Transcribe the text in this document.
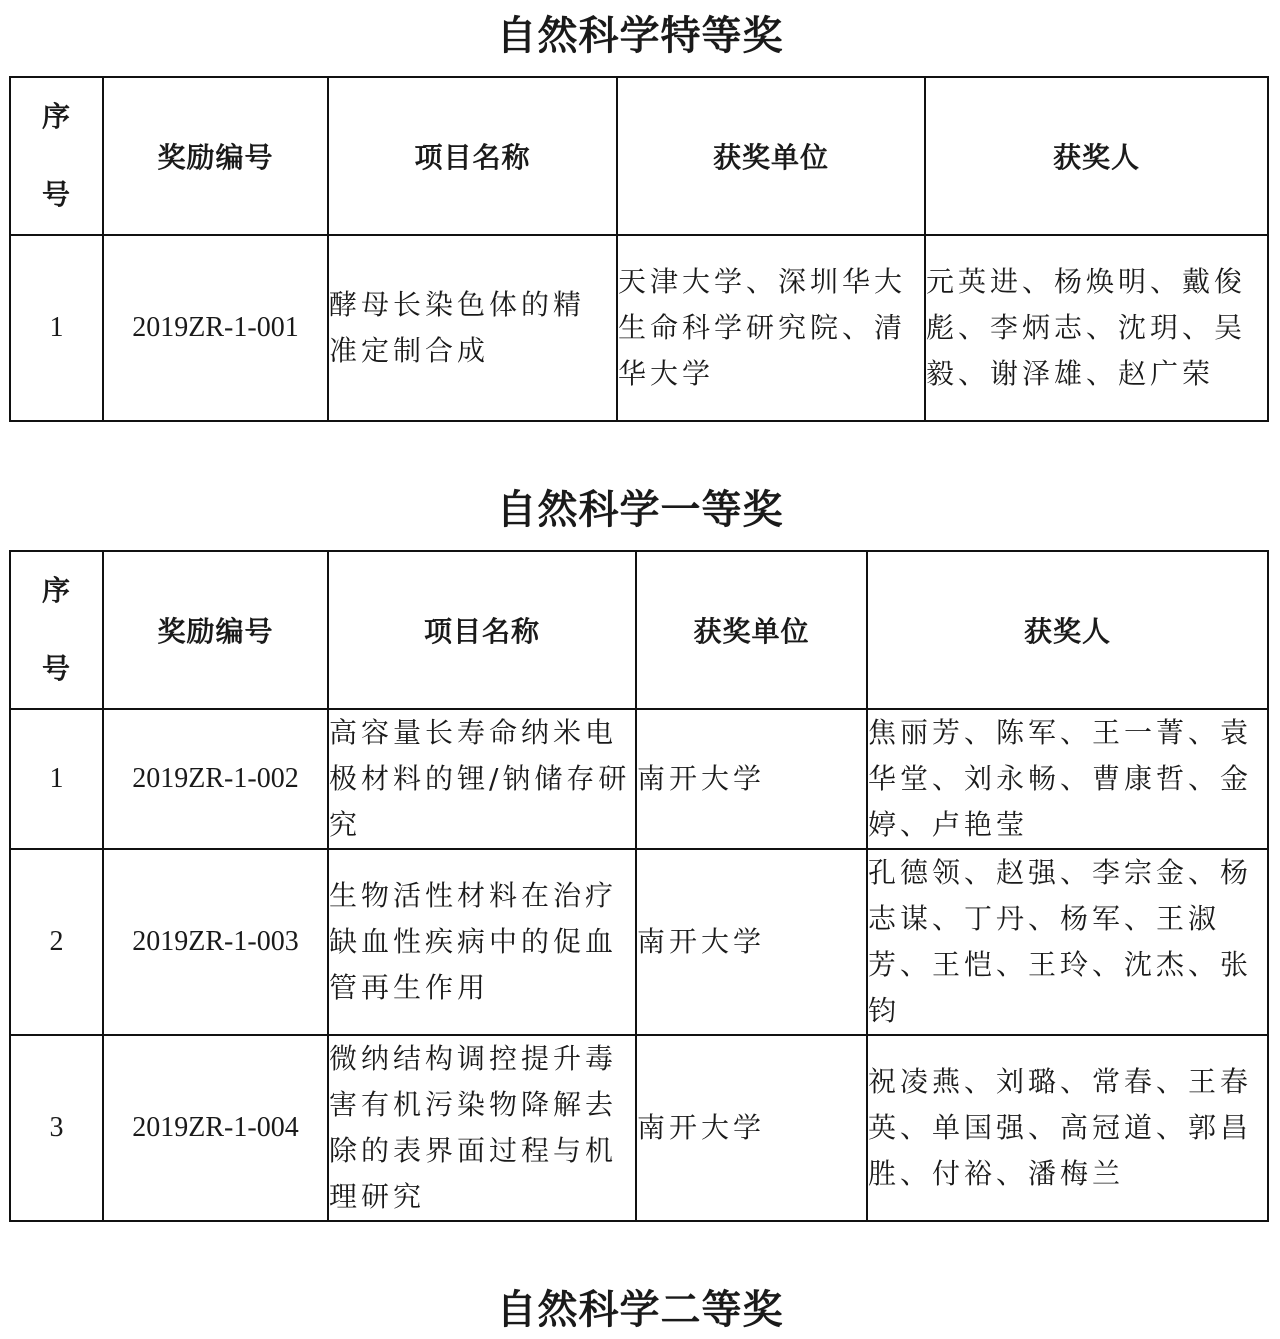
自然科学特等奖
序
号	奖励编号	项目名称	获奖单位	获奖人
1	2019ZR-1-001	酵母长染色体的精准定制合成	天津大学、深圳华大生命科学研究院、清华大学	元英进、杨焕明、戴俊彪、李炳志、沈玥、吴毅、谢泽雄、赵广荣
自然科学一等奖
序
号	奖励编号	项目名称	获奖单位	获奖人
1	2019ZR-1-002	高容量长寿命纳米电极材料的锂/钠储存研究	南开大学	焦丽芳、陈军、王一菁、袁华堂、刘永畅、曹康哲、金婷、卢艳莹
2	2019ZR-1-003	生物活性材料在治疗缺血性疾病中的促血管再生作用	南开大学	孔德领、赵强、李宗金、杨志谋、丁丹、杨军、王淑芳、王恺、王玲、沈杰、张钧
3	2019ZR-1-004	微纳结构调控提升毒害有机污染物降解去除的表界面过程与机理研究	南开大学	祝凌燕、刘璐、常春、王春英、单国强、高冠道、郭昌胜、付裕、潘梅兰
自然科学二等奖
